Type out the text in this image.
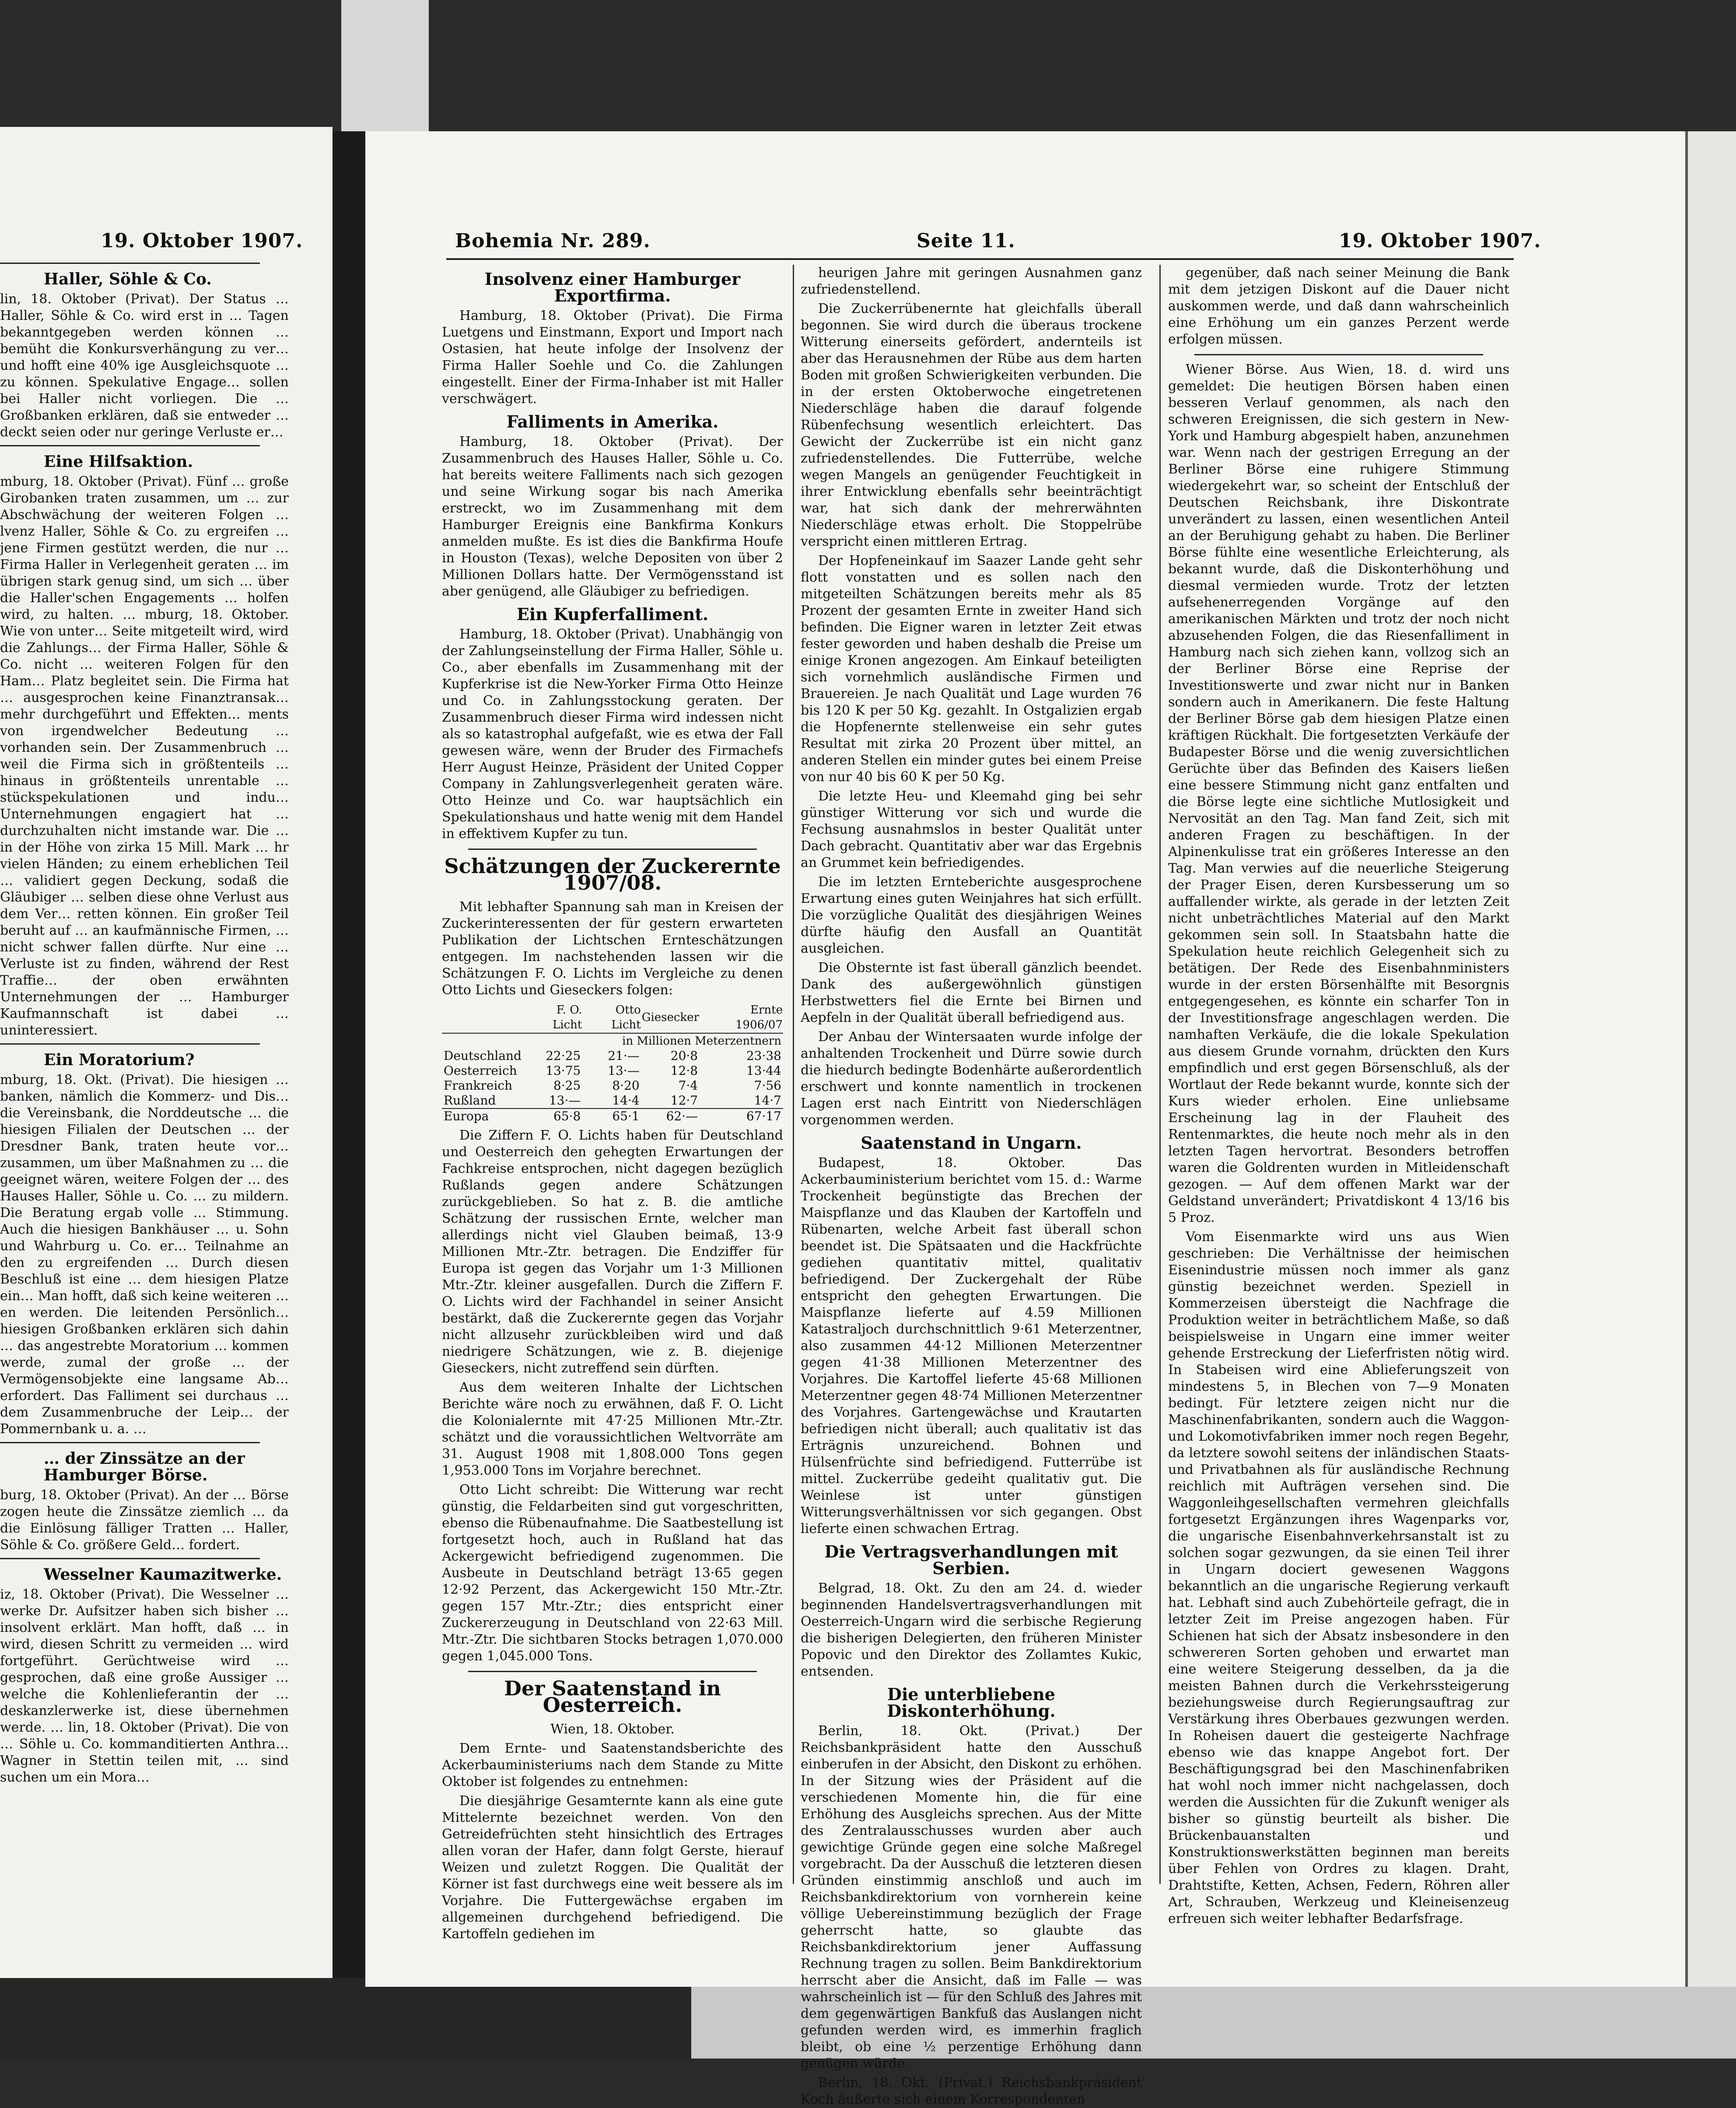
19. Oktober 1907.
Haller, Söhle & Co.

lin, 18. Oktober (Privat). Der Status … Haller, Söhle & Co. wird erst in … Tagen bekanntgegeben werden können … bemüht die Konkursverhängung zu ver… und hofft eine 40% ige Ausgleichsquote … zu können. Spekulative Engage… sollen bei Haller nicht vorliegen. Die … Großbanken erklären, daß sie entweder … deckt seien oder nur geringe Verluste er…

Eine Hilfsaktion.

mburg, 18. Oktober (Privat). Fünf … große Girobanken traten zusammen, um … zur Abschwächung der weiteren Folgen … lvenz Haller, Söhle & Co. zu ergreifen … jene Firmen gestützt werden, die nur … Firma Haller in Verlegenheit geraten … im übrigen stark genug sind, um sich … über die Haller'schen Engagements … holfen wird, zu halten. … mburg, 18. Oktober. Wie von unter… Seite mitgeteilt wird, wird die Zahlungs… der Firma Haller, Söhle & Co. nicht … weiteren Folgen für den Ham… Platz begleitet sein. Die Firma hat … ausgesprochen keine Finanztransak… mehr durchgeführt und Effekten… ments von irgendwelcher Bedeutung … vorhanden sein. Der Zusammenbruch … weil die Firma sich in größtenteils … hinaus in größtenteils unrentable … stückspekulationen und indu… Unternehmungen engagiert hat … durchzuhalten nicht imstande war. Die … in der Höhe von zirka 15 Mill. Mark … hr vielen Händen; zu einem erheblichen Teil … validiert gegen Deckung, sodaß die Gläubiger … selben diese ohne Verlust aus dem Ver… retten können. Ein großer Teil beruht auf … an kaufmännische Firmen, … nicht schwer fallen dürfte. Nur eine … Verluste ist zu finden, während der Rest Traffie… der oben erwähnten Unternehmungen der … Hamburger Kaufmannschaft ist dabei … uninteressiert.

Ein Moratorium?

mburg, 18. Okt. (Privat). Die hiesigen … banken, nämlich die Kommerz- und Dis… die Vereinsbank, die Norddeutsche … die hiesigen Filialen der Deutschen … der Dresdner Bank, traten heute vor… zusammen, um über Maßnahmen zu … die geeignet wären, weitere Folgen der … des Hauses Haller, Söhle u. Co. … zu mildern. Die Beratung ergab volle … Stimmung. Auch die hiesigen Bankhäuser … u. Sohn und Wahrburg u. Co. er… Teilnahme an den zu ergreifenden … Durch diesen Beschluß ist eine … dem hiesigen Platze ein… Man hofft, daß sich keine weiteren … en werden. Die leitenden Persönlich… hiesigen Großbanken erklären sich dahin … das angestrebte Moratorium … kommen werde, zumal der große … der Vermögensobjekte eine langsame Ab… erfordert. Das Falliment sei durchaus … dem Zusammenbruche der Leip… der Pommernbank u. a. …

… der Zinssätze an der Hamburger Börse.

burg, 18. Oktober (Privat). An der … Börse zogen heute die Zinssätze ziemlich … da die Einlösung fälliger Tratten … Haller, Söhle & Co. größere Geld… fordert.

Wesselner Kaumazitwerke.

iz, 18. Oktober (Privat). Die Wesselner … werke Dr. Aufsitzer haben sich bisher … insolvent erklärt. Man hofft, daß … in wird, diesen Schritt zu vermeiden … wird fortgeführt. Gerüchtweise wird … gesprochen, daß eine große Aussiger … welche die Kohlenlieferantin der … deskanzlerwerke ist, diese übernehmen werde. … lin, 18. Oktober (Privat). Die von … Söhle u. Co. kommanditierten Anthra… Wagner in Stettin teilen mit, … sind suchen um ein Mora…

Bohemia Nr. 289.	Seite 11.	19. Oktober 1907.
Insolvenz einer Hamburger Exportfirma.

Hamburg, 18. Oktober (Privat). Die Firma Luetgens und Einstmann, Export und Import nach Ostasien, hat heute infolge der Insolvenz der Firma Haller Soehle und Co. die Zahlungen eingestellt. Einer der Firma-Inhaber ist mit Haller verschwägert.

Falliments in Amerika.

Hamburg, 18. Oktober (Privat). Der Zusammenbruch des Hauses Haller, Söhle u. Co. hat bereits weitere Falliments nach sich gezogen und seine Wirkung sogar bis nach Amerika erstreckt, wo im Zusammenhang mit dem Hamburger Ereignis eine Bankfirma Konkurs anmelden mußte. Es ist dies die Bankfirma Houfe in Houston (Texas), welche Depositen von über 2 Millionen Dollars hatte. Der Vermögensstand ist aber genügend, alle Gläubiger zu befriedigen.

Ein Kupferfalliment.

Hamburg, 18. Oktober (Privat). Unabhängig von der Zahlungseinstellung der Firma Haller, Söhle u. Co., aber ebenfalls im Zusammenhang mit der Kupferkrise ist die New-Yorker Firma Otto Heinze und Co. in Zahlungsstockung geraten. Der Zusammenbruch dieser Firma wird indessen nicht als so katastrophal aufgefaßt, wie es etwa der Fall gewesen wäre, wenn der Bruder des Firmachefs Herr August Heinze, Präsident der United Copper Company in Zahlungsverlegenheit geraten wäre. Otto Heinze und Co. war hauptsächlich ein Spekulationshaus und hatte wenig mit dem Handel in effektivem Kupfer zu tun.

Schätzungen der Zuckerernte 1907/08.

Mit lebhafter Spannung sah man in Kreisen der Zuckerinteressenten der für gestern erwarteten Publikation der Lichtschen Ernteschätzungen entgegen. Im nachstehenden lassen wir die Schätzungen F. O. Lichts im Vergleiche zu denen Otto Lichts und Gieseckers folgen:

	F. O. Licht	Otto Licht	Giesecker	Ernte 1906/07
in Millionen Meterzentnern				
Deutschland	22·25	21·—	20·8	23·38
Oesterreich	13·75	13·—	12·8	13·44
Frankreich	8·25	8·20	7·4	7·56
Rußland	13·—	14·4	12·7	14·7
Europa	65·8	65·1	62·—	67·17

Die Ziffern F. O. Lichts haben für Deutschland und Oesterreich den gehegten Erwartungen der Fachkreise entsprochen, nicht dagegen bezüglich Rußlands gegen andere Schätzungen zurückgeblieben. So hat z. B. die amtliche Schätzung der russischen Ernte, welcher man allerdings nicht viel Glauben beimaß, 13·9 Millionen Mtr.-Ztr. betragen. Die Endziffer für Europa ist gegen das Vorjahr um 1·3 Millionen Mtr.-Ztr. kleiner ausgefallen. Durch die Ziffern F. O. Lichts wird der Fachhandel in seiner Ansicht bestärkt, daß die Zuckerernte gegen das Vorjahr nicht allzusehr zurückbleiben wird und daß niedrigere Schätzungen, wie z. B. diejenige Gieseckers, nicht zutreffend sein dürften.

Aus dem weiteren Inhalte der Lichtschen Berichte wäre noch zu erwähnen, daß F. O. Licht die Kolonialernte mit 47·25 Millionen Mtr.-Ztr. schätzt und die voraussichtlichen Weltvorräte am 31. August 1908 mit 1,808.000 Tons gegen 1,953.000 Tons im Vorjahre berechnet.

Otto Licht schreibt: Die Witterung war recht günstig, die Feldarbeiten sind gut vorgeschritten, ebenso die Rübenaufnahme. Die Saatbestellung ist fortgesetzt hoch, auch in Rußland hat das Ackergewicht befriedigend zugenommen. Die Ausbeute in Deutschland beträgt 13·65 gegen 12·92 Perzent, das Ackergewicht 150 Mtr.-Ztr. gegen 157 Mtr.-Ztr.; dies entspricht einer Zuckererzeugung in Deutschland von 22·63 Mill. Mtr.-Ztr. Die sichtbaren Stocks betragen 1,070.000 gegen 1,045.000 Tons.

Der Saatenstand in Oesterreich.
Wien, 18. Oktober.

Dem Ernte- und Saatenstandsberichte des Ackerbauministeriums nach dem Stande zu Mitte Oktober ist folgendes zu entnehmen:

Die diesjährige Gesamternte kann als eine gute Mittelernte bezeichnet werden. Von den Getreidefrüchten steht hinsichtlich des Ertrages allen voran der Hafer, dann folgt Gerste, hierauf Weizen und zuletzt Roggen. Die Qualität der Körner ist fast durchwegs eine weit bessere als im Vorjahre. Die Futtergewächse ergaben im allgemeinen durchgehend befriedigend. Die Kartoffeln gediehen im

heurigen Jahre mit geringen Ausnahmen ganz zufriedenstellend.

Die Zuckerrübenernte hat gleichfalls überall begonnen. Sie wird durch die überaus trockene Witterung einerseits gefördert, andernteils ist aber das Herausnehmen der Rübe aus dem harten Boden mit großen Schwierigkeiten verbunden. Die in der ersten Oktoberwoche eingetretenen Niederschläge haben die darauf folgende Rübenfechsung wesentlich erleichtert. Das Gewicht der Zuckerrübe ist ein nicht ganz zufriedenstellendes. Die Futterrübe, welche wegen Mangels an genügender Feuchtigkeit in ihrer Entwicklung ebenfalls sehr beeinträchtigt war, hat sich dank der mehrerwähnten Niederschläge etwas erholt. Die Stoppelrübe verspricht einen mittleren Ertrag.

Der Hopfeneinkauf im Saazer Lande geht sehr flott vonstatten und es sollen nach den mitgeteilten Schätzungen bereits mehr als 85 Prozent der gesamten Ernte in zweiter Hand sich befinden. Die Eigner waren in letzter Zeit etwas fester geworden und haben deshalb die Preise um einige Kronen angezogen. Am Einkauf beteiligten sich vornehmlich ausländische Firmen und Brauereien. Je nach Qualität und Lage wurden 76 bis 120 K per 50 Kg. gezahlt. In Ostgalizien ergab die Hopfenernte stellenweise ein sehr gutes Resultat mit zirka 20 Prozent über mittel, an anderen Stellen ein minder gutes bei einem Preise von nur 40 bis 60 K per 50 Kg.

Die letzte Heu- und Kleemahd ging bei sehr günstiger Witterung vor sich und wurde die Fechsung ausnahmslos in bester Qualität unter Dach gebracht. Quantitativ aber war das Ergebnis an Grummet kein befriedigendes.

Die im letzten Ernteberichte ausgesprochene Erwartung eines guten Weinjahres hat sich erfüllt. Die vorzügliche Qualität des diesjährigen Weines dürfte häufig den Ausfall an Quantität ausgleichen.

Die Obsternte ist fast überall gänzlich beendet. Dank des außergewöhnlich günstigen Herbstwetters fiel die Ernte bei Birnen und Aepfeln in der Qualität überall befriedigend aus.

Der Anbau der Wintersaaten wurde infolge der anhaltenden Trockenheit und Dürre sowie durch die hiedurch bedingte Bodenhärte außerordentlich erschwert und konnte namentlich in trockenen Lagen erst nach Eintritt von Niederschlägen vorgenommen werden.

Saatenstand in Ungarn.

Budapest, 18. Oktober. Das Ackerbauministerium berichtet vom 15. d.: Warme Trockenheit begünstigte das Brechen der Maispflanze und das Klauben der Kartoffeln und Rübenarten, welche Arbeit fast überall schon beendet ist. Die Spätsaaten und die Hackfrüchte gediehen quantitativ mittel, qualitativ befriedigend. Der Zuckergehalt der Rübe entspricht den gehegten Erwartungen. Die Maispflanze lieferte auf 4.59 Millionen Katastraljoch durchschnittlich 9·61 Meterzentner, also zusammen 44·12 Millionen Meterzentner gegen 41·38 Millionen Meterzentner des Vorjahres. Die Kartoffel lieferte 45·68 Millionen Meterzentner gegen 48·74 Millionen Meterzentner des Vorjahres. Gartengewächse und Krautarten befriedigen nicht überall; auch qualitativ ist das Erträgnis unzureichend. Bohnen und Hülsenfrüchte sind befriedigend. Futterrübe ist mittel. Zuckerrübe gedeiht qualitativ gut. Die Weinlese ist unter günstigen Witterungsverhältnissen vor sich gegangen. Obst lieferte einen schwachen Ertrag.

Die Vertragsverhandlungen mit Serbien.

Belgrad, 18. Okt. Zu den am 24. d. wieder beginnenden Handelsvertragsverhandlungen mit Oesterreich-Ungarn wird die serbische Regierung die bisherigen Delegierten, den früheren Minister Popovic und den Direktor des Zollamtes Kukic, entsenden.

Die unterbliebene Diskonterhöhung.

Berlin, 18. Okt. (Privat.) Der Reichsbankpräsident hatte den Ausschuß einberufen in der Absicht, den Diskont zu erhöhen. In der Sitzung wies der Präsident auf die verschiedenen Momente hin, die für eine Erhöhung des Ausgleichs sprechen. Aus der Mitte des Zentralausschusses wurden aber auch gewichtige Gründe gegen eine solche Maßregel vorgebracht. Da der Ausschuß die letzteren diesen Gründen einstimmig anschloß und auch im Reichsbankdirektorium von vornherein keine völlige Uebereinstimmung bezüglich der Frage geherrscht hatte, so glaubte das Reichsbankdirektorium jener Auffassung Rechnung tragen zu sollen. Beim Bankdirektorium herrscht aber die Ansicht, daß im Falle — was wahrscheinlich ist — für den Schluß des Jahres mit dem gegenwärtigen Bankfuß das Auslangen nicht gefunden werden wird, es immerhin fraglich bleibt, ob eine ½ perzentige Erhöhung dann genügen würde.

Berlin, 18. Okt. (Privat.) Reichsbankpräsident Koch äußerte sich einem Korrespondenten

gegenüber, daß nach seiner Meinung die Bank mit dem jetzigen Diskont auf die Dauer nicht auskommen werde, und daß dann wahrscheinlich eine Erhöhung um ein ganzes Perzent werde erfolgen müssen.

Wiener Börse. Aus Wien, 18. d. wird uns gemeldet: Die heutigen Börsen haben einen besseren Verlauf genommen, als nach den schweren Ereignissen, die sich gestern in New-York und Hamburg abgespielt haben, anzunehmen war. Wenn nach der gestrigen Erregung an der Berliner Börse eine ruhigere Stimmung wiedergekehrt war, so scheint der Entschluß der Deutschen Reichsbank, ihre Diskontrate unverändert zu lassen, einen wesentlichen Anteil an der Beruhigung gehabt zu haben. Die Berliner Börse fühlte eine wesentliche Erleichterung, als bekannt wurde, daß die Diskonterhöhung und diesmal vermieden wurde. Trotz der letzten aufsehenerregenden Vorgänge auf den amerikanischen Märkten und trotz der noch nicht abzusehenden Folgen, die das Riesenfalliment in Hamburg nach sich ziehen kann, vollzog sich an der Berliner Börse eine Reprise der Investitionswerte und zwar nicht nur in Banken sondern auch in Amerikanern. Die feste Haltung der Berliner Börse gab dem hiesigen Platze einen kräftigen Rückhalt. Die fortgesetzten Verkäufe der Budapester Börse und die wenig zuversichtlichen Gerüchte über das Befinden des Kaisers ließen eine bessere Stimmung nicht ganz entfalten und die Börse legte eine sichtliche Mutlosigkeit und Nervosität an den Tag. Man fand Zeit, sich mit anderen Fragen zu beschäftigen. In der Alpinenkulisse trat ein größeres Interesse an den Tag. Man verwies auf die neuerliche Steigerung der Prager Eisen, deren Kursbesserung um so auffallender wirkte, als gerade in der letzten Zeit nicht unbeträchtliches Material auf den Markt gekommen sein soll. In Staatsbahn hatte die Spekulation heute reichlich Gelegenheit sich zu betätigen. Der Rede des Eisenbahnministers wurde in der ersten Börsenhälfte mit Besorgnis entgegengesehen, es könnte ein scharfer Ton in der Investitionsfrage angeschlagen werden. Die namhaften Verkäufe, die die lokale Spekulation aus diesem Grunde vornahm, drückten den Kurs empfindlich und erst gegen Börsenschluß, als der Wortlaut der Rede bekannt wurde, konnte sich der Kurs wieder erholen. Eine unliebsame Erscheinung lag in der Flauheit des Rentenmarktes, die heute noch mehr als in den letzten Tagen hervortrat. Besonders betroffen waren die Goldrenten wurden in Mitleidenschaft gezogen. — Auf dem offenen Markt war der Geldstand unverändert; Privatdiskont 4 13/16 bis 5 Proz.

Vom Eisenmarkte wird uns aus Wien geschrieben: Die Verhältnisse der heimischen Eisenindustrie müssen noch immer als ganz günstig bezeichnet werden. Speziell in Kommerzeisen übersteigt die Nachfrage die Produktion weiter in beträchtlichem Maße, so daß beispielsweise in Ungarn eine immer weiter gehende Erstreckung der Lieferfristen nötig wird. In Stabeisen wird eine Ablieferungszeit von mindestens 5, in Blechen von 7—9 Monaten bedingt. Für letztere zeigen nicht nur die Maschinenfabrikanten, sondern auch die Waggon- und Lokomotivfabriken immer noch regen Begehr, da letztere sowohl seitens der inländischen Staats- und Privatbahnen als für ausländische Rechnung reichlich mit Aufträgen versehen sind. Die Waggonleihgesellschaften vermehren gleichfalls fortgesetzt Ergänzungen ihres Wagenparks vor, die ungarische Eisenbahnverkehrsanstalt ist zu solchen sogar gezwungen, da sie einen Teil ihrer in Ungarn dociert gewesenen Waggons bekanntlich an die ungarische Regierung verkauft hat. Lebhaft sind auch Zubehörteile gefragt, die in letzter Zeit im Preise angezogen haben. Für Schienen hat sich der Absatz insbesondere in den schwereren Sorten gehoben und erwartet man eine weitere Steigerung desselben, da ja die meisten Bahnen durch die Verkehrssteigerung beziehungsweise durch Regierungsauftrag zur Verstärkung ihres Oberbaues gezwungen werden. In Roheisen dauert die gesteigerte Nachfrage ebenso wie das knappe Angebot fort. Der Beschäftigungsgrad bei den Maschinenfabriken hat wohl noch immer nicht nachgelassen, doch werden die Aussichten für die Zukunft weniger als bisher so günstig beurteilt als bisher. Die Brückenbauanstalten und Konstruktionswerkstätten beginnen man bereits über Fehlen von Ordres zu klagen. Draht, Drahtstifte, Ketten, Achsen, Federn, Röhren aller Art, Schrauben, Werkzeug und Kleineisenzeug erfreuen sich weiter lebhafter Bedarfsfrage.
